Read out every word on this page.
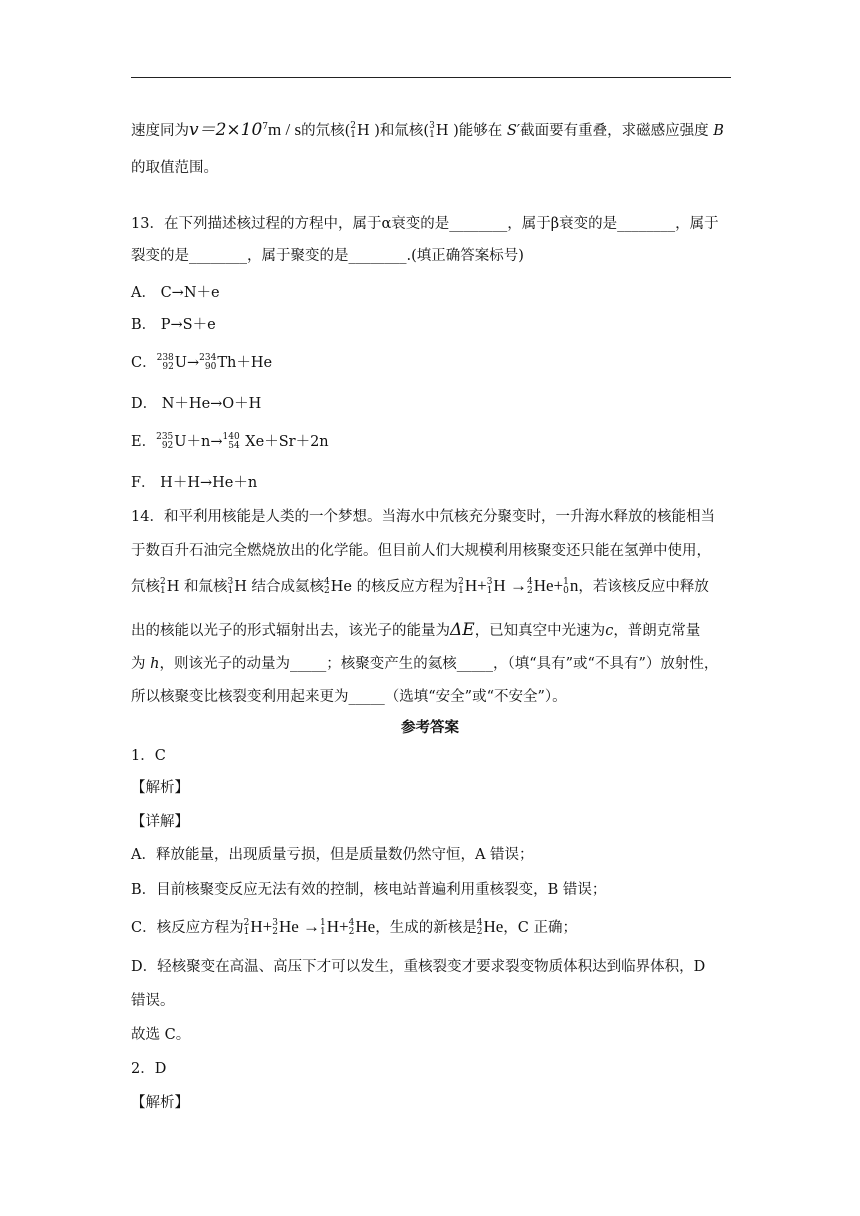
速度同为$v=2\times 10^7m / s$的氘核( 2
1 H )和氚核( 3
1 H )能够在 S′截面要有重叠，求磁感应强度 B
的取值范围。
13．在下列描述核过程的方程中，属于α衰变的是________，属于β衰变的是________，属于
裂变的是________，属于聚变的是________.(填正确答案标号)
A． C→N＋e
B． P→S＋e
C． 238
92 U→ 234
90 Th＋He
D． N＋He→O＋H
E． 235
92 U＋n→ 140
54 Xe＋Sr＋2n
F． H＋H→He＋n
14．和平利用核能是人类的一个梦想。当海水中氘核充分聚变时，一升海水释放的核能相当
于数百升石油完全燃烧放出的化学能。但目前人们大规模利用核聚变还只能在氢弹中使用，
氘核 2
1 H 和氚核 3
1 H 结合成氦核 4
2 He 的核反应方程为 2
1 H+ 3
1 H → 4
2 He+ 1
0 n，若该核反应中释放
出的核能以光子的形式辐射出去，该光子的能量为ΔE，已知真空中光速为c，普朗克常量
为 h，则该光子的动量为_____；核聚变产生的氦核_____，（填“具有”或“不具有”）放射性，
所以核聚变比核裂变利用起来更为_____（选填“安全”或“不安全”）。
参考答案
1．C
【解析】
【详解】
A．释放能量，出现质量亏损，但是质量数仍然守恒，A 错误；
B．目前核聚变反应无法有效的控制，核电站普遍利用重核裂变，B 错误；
C．核反应方程为 2
1 H+ 3
2 He → 1
1 H+ 4
2 He，生成的新核是 4
2 He，C 正确；
D．轻核聚变在高温、高压下才可以发生，重核裂变才要求裂变物质体积达到临界体积，D
错误。
故选 C。
2．D
【解析】
